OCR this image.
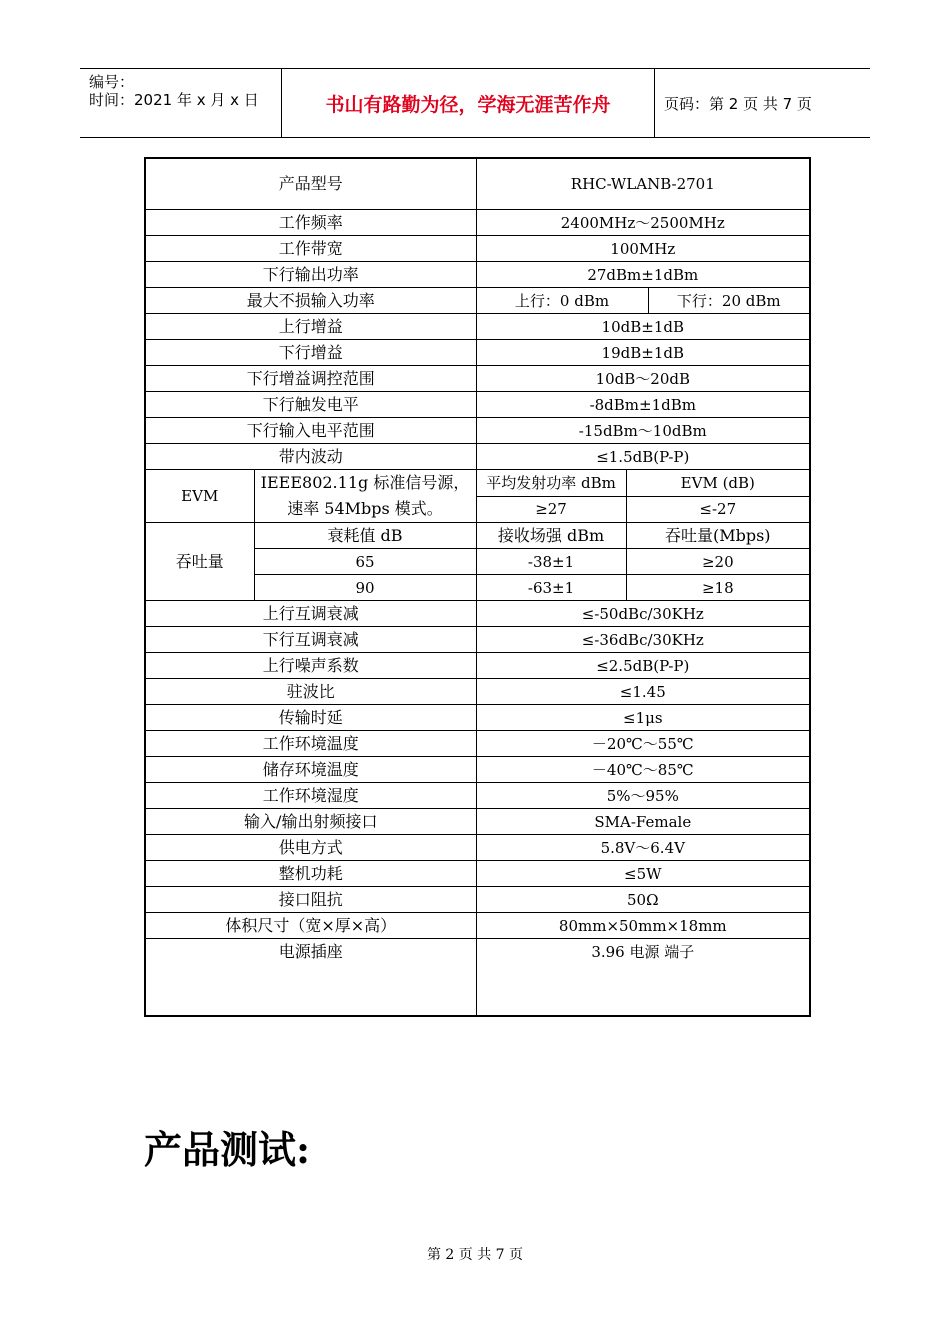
编号：
时间：2021 年 x 月 x 日	书山有路勤为径，学海无涯苦作舟	页码：第 2 页 共 7 页
产品型号		RHC-WLANB-2701		
工作频率		2400MHz～2500MHz		
工作带宽		100MHz		
下行输出功率		27dBm±1dBm		
最大不损输入功率		上行：0 dBm		下行：20 dBm
上行增益		10dB±1dB		
下行增益		19dB±1dB		
下行增益调控范围		10dB～20dB		
下行触发电平		-8dBm±1dBm		
下行输入电平范围		-15dBm～10dBm		
带内波动		≤1.5dB(P-P)		
EVM	IEEE802.11g 标准信号源，速率 54Mbps 模式。	平均发射功率 dBm	EVM (dB)	
		≥27	≤-27	
吞吐量	衰耗值 dB	接收场强 dBm	吞吐量(Mbps)	
	65	-38±1	≥20	
	90	-63±1	≥18	
上行互调衰减		≤-50dBc/30KHz		
下行互调衰减		≤-36dBc/30KHz		
上行噪声系数		≤2.5dB(P-P)		
驻波比		≤1.45		
传输时延		≤1μs		
工作环境温度		－20℃～55℃		
储存环境温度		－40℃～85℃		
工作环境湿度		5%～95%		
输入/输出射频接口		SMA-Female		
供电方式		5.8V～6.4V		
整机功耗		≤5W		
接口阻抗		50Ω		
体积尺寸（宽×厚×高）		80mm×50mm×18mm		
电源插座		3.96 电源 端子		
产品测试:
第 2 页 共 7 页
